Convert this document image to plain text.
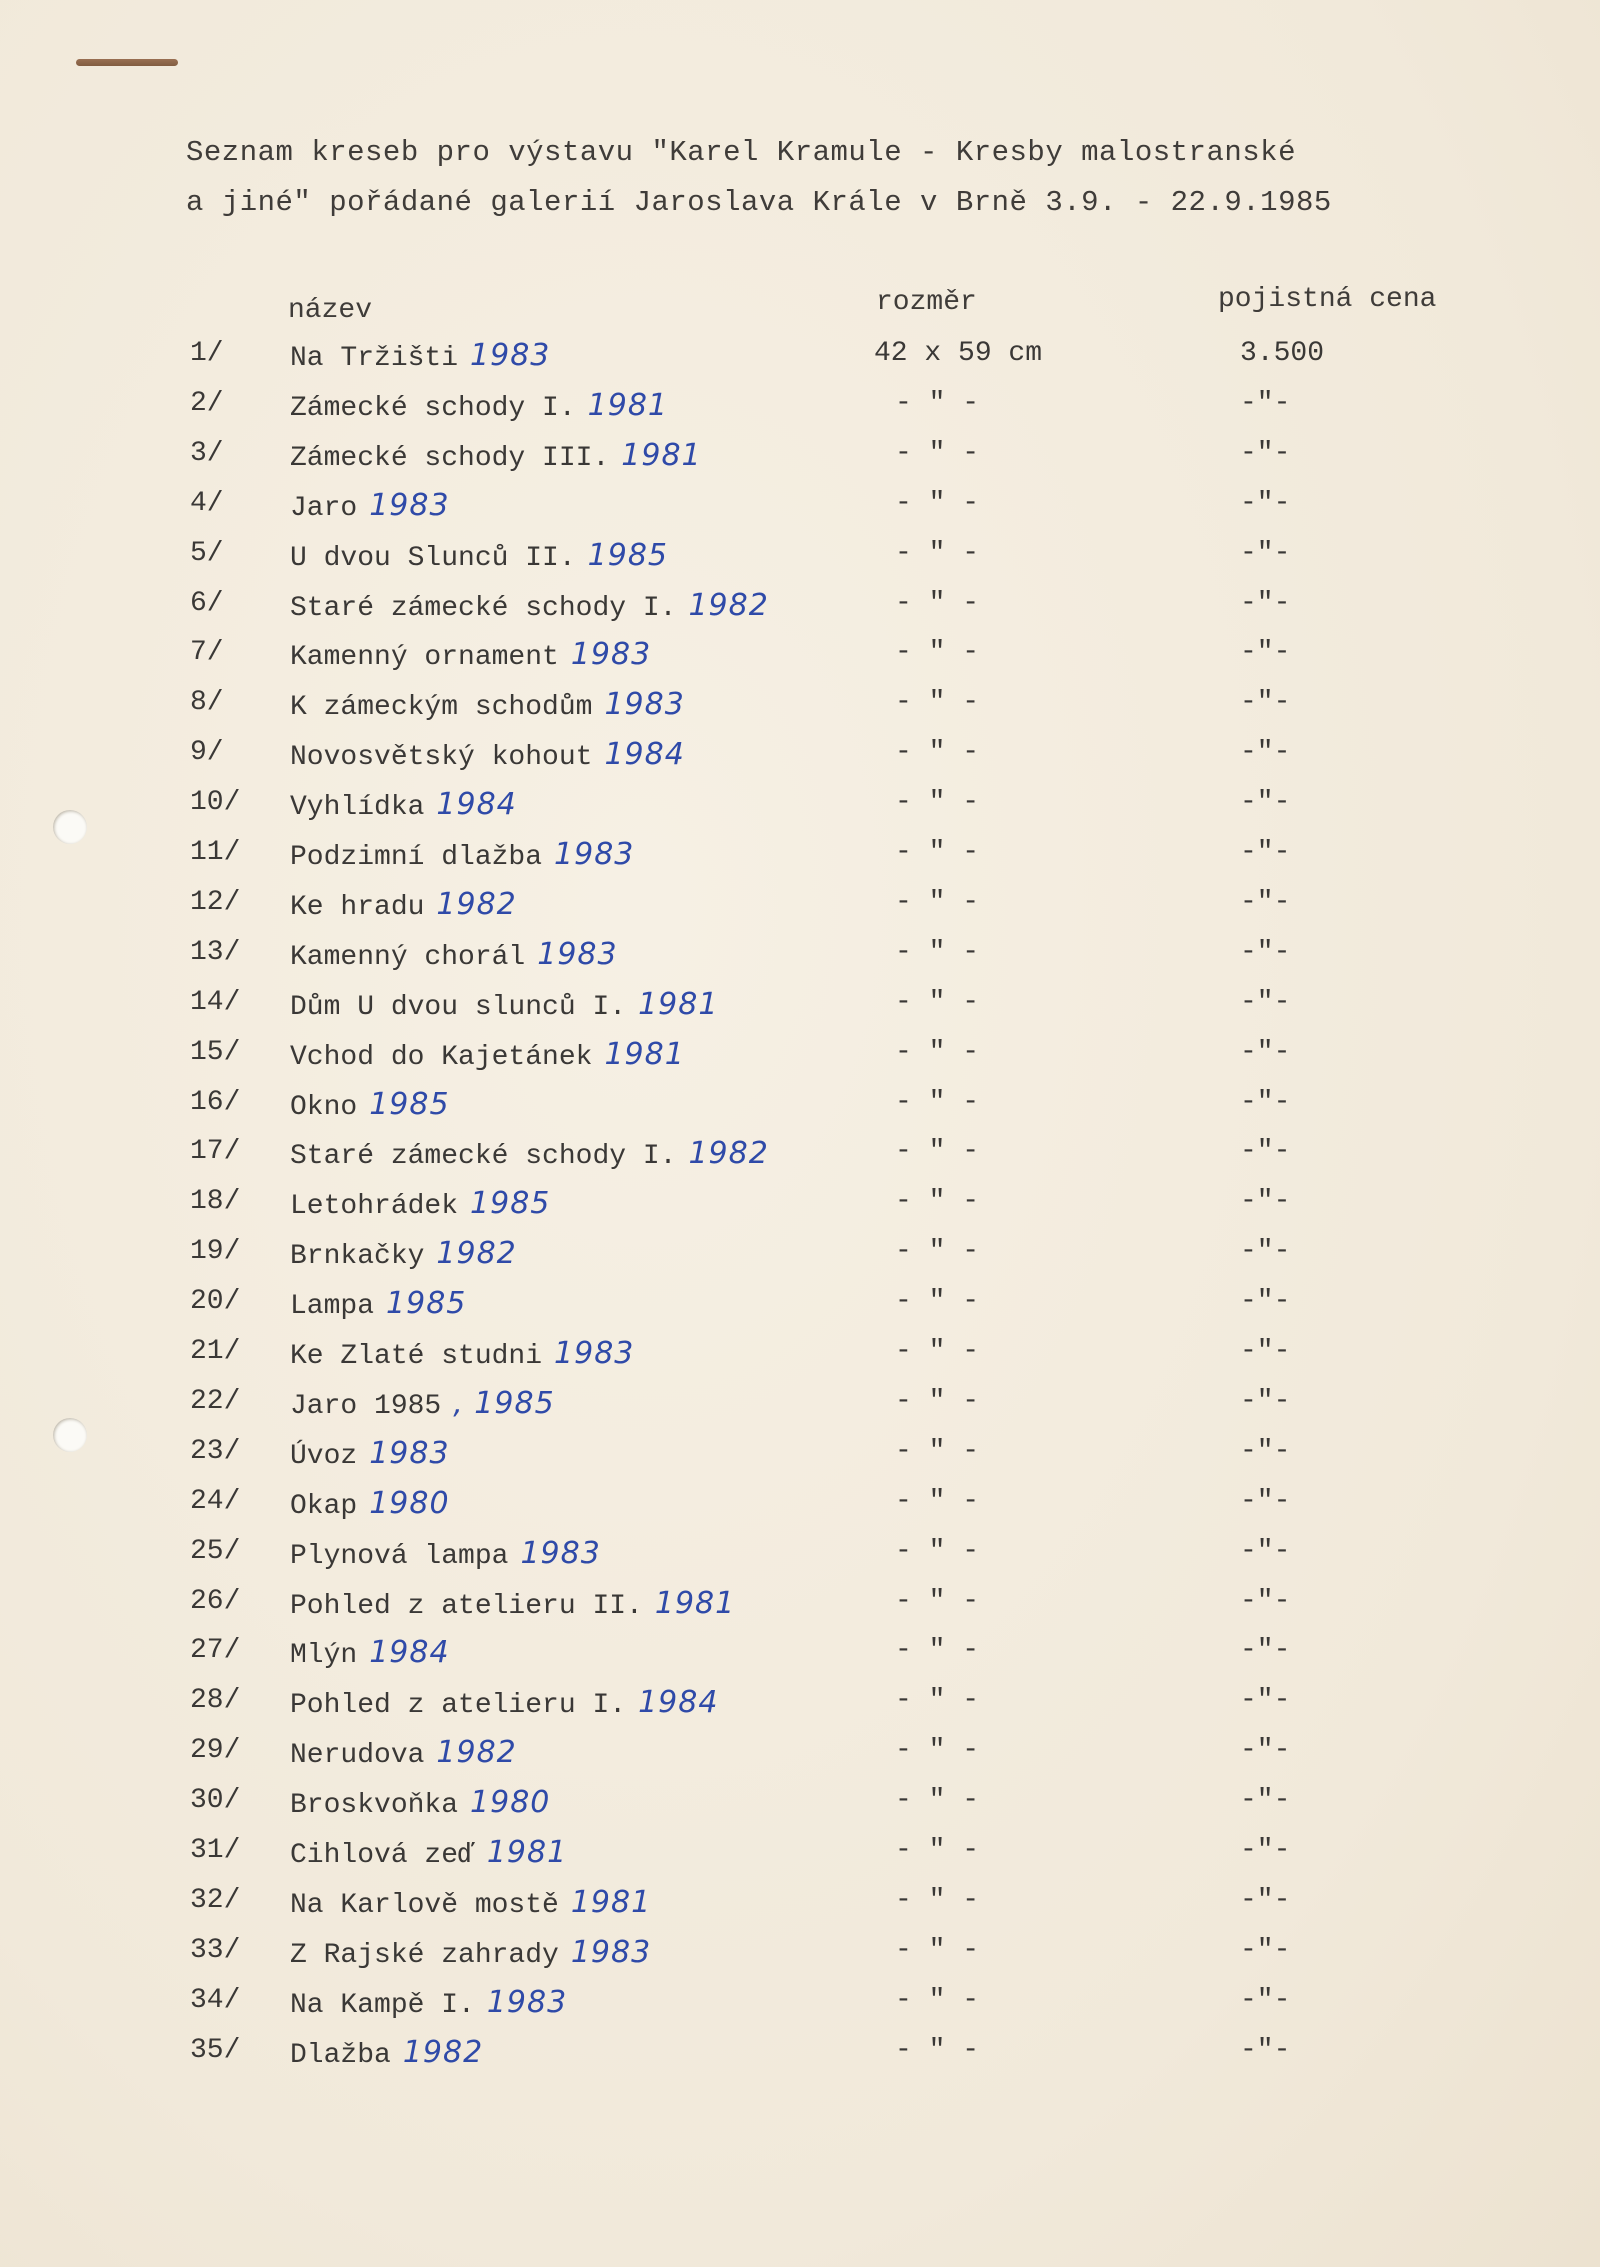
Seznam kreseb pro výstavu "Karel Kramule - Kresby malostranské
a jiné" pořádané galerií Jaroslava Krále v Brně 3.9. - 22.9.1985
název	rozměr	pojistná cena
1/ Na Tržišti 1983	42 x 59 cm	3.500
2/ Zámecké schody I. 1981	- " -	-"-
3/ Zámecké schody III. 1981	- " -	-"-
4/ Jaro 1983	- " -	-"-
5/ U dvou Slunců II. 1985	- " -	-"-
6/ Staré zámecké schody I. 1982	- " -	-"-
7/ Kamenný ornament 1983	- " -	-"-
8/ K zámeckým schodům 1983	- " -	-"-
9/ Novosvětský kohout 1984	- " -	-"-
10/ Vyhlídka 1984	- " -	-"-
11/ Podzimní dlažba 1983	- " -	-"-
12/ Ke hradu 1982	- " -	-"-
13/ Kamenný chorál 1983	- " -	-"-
14/ Dům U dvou slunců I. 1981	- " -	-"-
15/ Vchod do Kajetánek 1981	- " -	-"-
16/ Okno 1985	- " -	-"-
17/ Staré zámecké schody I. 1982	- " -	-"-
18/ Letohrádek 1985	- " -	-"-
19/ Brnkačky 1982	- " -	-"-
20/ Lampa 1985	- " -	-"-
21/ Ke Zlaté studni 1983	- " -	-"-
22/ Jaro 1985 , 1985	- " -	-"-
23/ Úvoz 1983	- " -	-"-
24/ Okap 1980	- " -	-"-
25/ Plynová lampa 1983	- " -	-"-
26/ Pohled z atelieru II. 1981	- " -	-"-
27/ Mlýn 1984	- " -	-"-
28/ Pohled z atelieru I. 1984	- " -	-"-
29/ Nerudova 1982	- " -	-"-
30/ Broskvoňka 1980	- " -	-"-
31/ Cihlová zeď 1981	- " -	-"-
32/ Na Karlově mostě 1981	- " -	-"-
33/ Z Rajské zahrady 1983	- " -	-"-
34/ Na Kampě I. 1983	- " -	-"-
35/ Dlažba 1982	- " -	-"-
